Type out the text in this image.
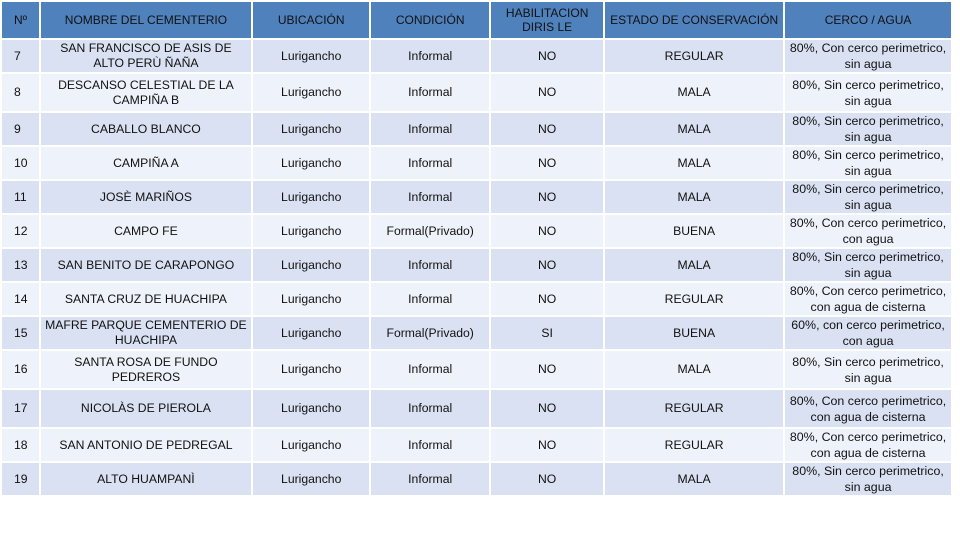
Nº	NOMBRE DEL CEMENTERIO	UBICACIÓN	CONDICIÓN	HABILITACION DIRIS LE	ESTADO DE CONSERVACIÓN	CERCO / AGUA
7	SAN FRANCISCO DE ASIS DE ALTO PERÙ ÑAÑA	Lurigancho	Informal	NO	REGULAR	80%, Con cerco perimetrico, sin agua
8	DESCANSO CELESTIAL DE LA CAMPIÑA B	Lurigancho	Informal	NO	MALA	80%, Sin cerco perimetrico, sin agua
9	CABALLO BLANCO	Lurigancho	Informal	NO	MALA	80%, Sin cerco perimetrico, sin agua
10	CAMPIÑA A	Lurigancho	Informal	NO	MALA	80%, Sin cerco perimetrico, sin agua
11	JOSÈ MARIÑOS	Lurigancho	Informal	NO	MALA	80%, Sin cerco perimetrico, sin agua
12	CAMPO FE	Lurigancho	Formal(Privado)	NO	BUENA	80%, Con cerco perimetrico, con agua
13	SAN BENITO DE CARAPONGO	Lurigancho	Informal	NO	MALA	80%, Sin cerco perimetrico, sin agua
14	SANTA CRUZ DE HUACHIPA	Lurigancho	Informal	NO	REGULAR	80%, Con cerco perimetrico, con agua de cisterna
15	MAFRE PARQUE CEMENTERIO DE HUACHIPA	Lurigancho	Formal(Privado)	SI	BUENA	60%, con cerco perimetrico, con agua
16	SANTA ROSA DE FUNDO PEDREROS	Lurigancho	Informal	NO	MALA	80%, Sin cerco perimetrico, sin agua
17	NICOLÀS DE PIEROLA	Lurigancho	Informal	NO	REGULAR	80%, Con cerco perimetrico, con agua de cisterna
18	SAN ANTONIO DE PEDREGAL	Lurigancho	Informal	NO	REGULAR	80%, Con cerco perimetrico, con agua de cisterna
19	ALTO HUAMPANÌ	Lurigancho	Informal	NO	MALA	80%, Sin cerco perimetrico, sin agua
